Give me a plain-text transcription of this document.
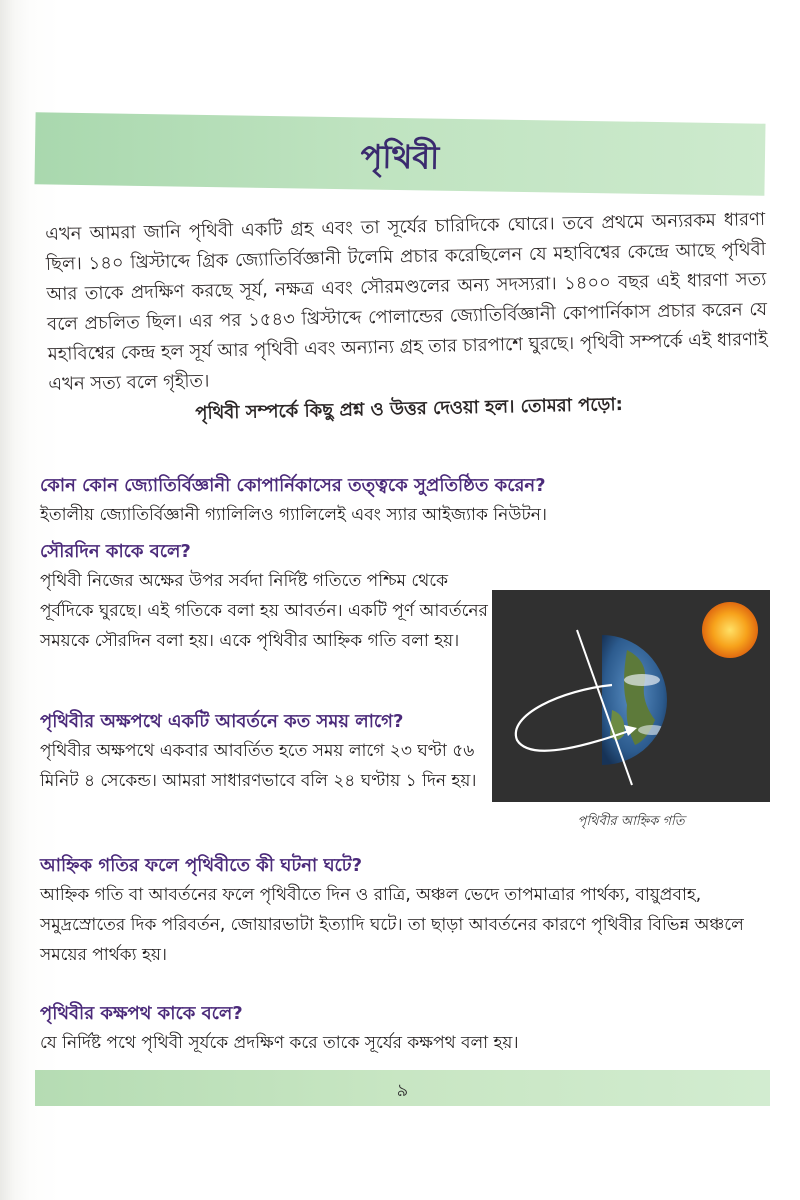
পৃথিবী

এখন আমরা জানি পৃথিবী একটি গ্রহ এবং তা সূর্যের চারিদিকে ঘোরে। তবে প্রথমে অন্যরকম ধারণা ছিল। ১৪০ খ্রিস্টাব্দে গ্রিক জ্যোতির্বিজ্ঞানী টলেমি প্রচার করেছিলেন যে মহাবিশ্বের কেন্দ্রে আছে পৃথিবী আর তাকে প্রদক্ষিণ করছে সূর্য, নক্ষত্র এবং সৌরমণ্ডলের অন্য সদস্যরা। ১৪০০ বছর এই ধারণা সত্য বলে প্রচলিত ছিল। এর পর ১৫৪৩ খ্রিস্টাব্দে পোলান্ডের জ্যোতির্বিজ্ঞানী কোপার্নিকাস প্রচার করেন যে মহাবিশ্বের কেন্দ্র হল সূর্য আর পৃথিবী এবং অন্যান্য গ্রহ তার চারপাশে ঘুরছে। পৃথিবী সম্পর্কে এই ধারণাই এখন সত্য বলে গৃহীত।

পৃথিবী সম্পর্কে কিছু প্রশ্ন ও উত্তর দেওয়া হল। তোমরা পড়ো:

কোন কোন জ্যোতির্বিজ্ঞানী কোপার্নিকাসের তত্ত্বকে সুপ্রতিষ্ঠিত করেন?

ইতালীয় জ্যোতির্বিজ্ঞানী গ্যালিলিও গ্যালিলেই এবং স্যার আইজ্যাক নিউটন।

সৌরদিন কাকে বলে?

পৃথিবী নিজের অক্ষের উপর সর্বদা নির্দিষ্ট গতিতে পশ্চিম থেকে পূর্বদিকে ঘুরছে। এই গতিকে বলা হয় আবর্তন। একটি পূর্ণ আবর্তনের সময়কে সৌরদিন বলা হয়। একে পৃথিবীর আহ্নিক গতি বলা হয়।

পৃথিবীর অক্ষপথে একটি আবর্তনে কত সময় লাগে?

পৃথিবীর অক্ষপথে একবার আবর্তিত হতে সময় লাগে ২৩ ঘণ্টা ৫৬ মিনিট ৪ সেকেন্ড। আমরা সাধারণভাবে বলি ২৪ ঘণ্টায় ১ দিন হয়।

পৃথিবীর আহ্নিক গতি

আহ্নিক গতির ফলে পৃথিবীতে কী ঘটনা ঘটে?

আহ্নিক গতি বা আবর্তনের ফলে পৃথিবীতে দিন ও রাত্রি, অঞ্চল ভেদে তাপমাত্রার পার্থক্য, বায়ুপ্রবাহ, সমুদ্রস্রোতের দিক পরিবর্তন, জোয়ারভাটা ইত্যাদি ঘটে। তা ছাড়া আবর্তনের কারণে পৃথিবীর বিভিন্ন অঞ্চলে সময়ের পার্থক্য হয়।

পৃথিবীর কক্ষপথ কাকে বলে?

যে নির্দিষ্ট পথে পৃথিবী সূর্যকে প্রদক্ষিণ করে তাকে সূর্যের কক্ষপথ বলা হয়।

৯
